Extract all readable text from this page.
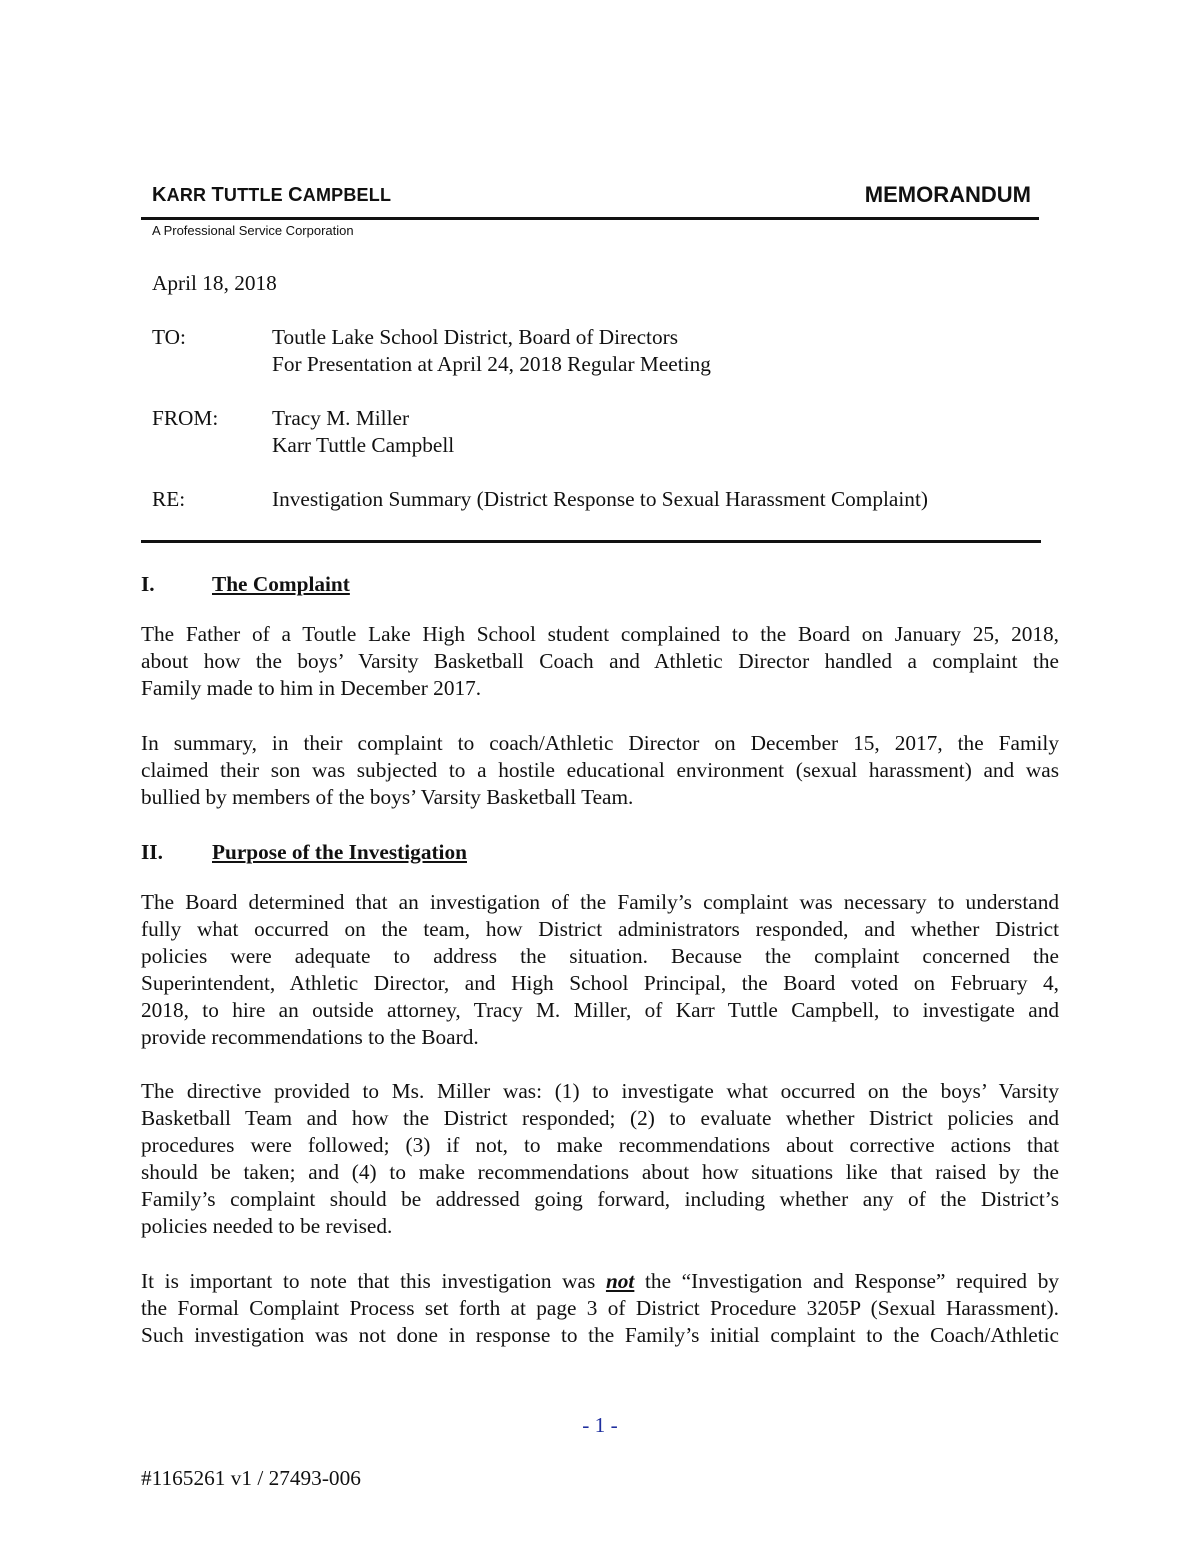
KARR TUTTLE CAMPBELL	MEMORANDUM
A Professional Service Corporation
April 18, 2018
TO:	Toutle Lake School District, Board of Directors
For Presentation at April 24, 2018 Regular Meeting
FROM:	Tracy M. Miller
Karr Tuttle Campbell
RE:	Investigation Summary (District Response to Sexual Harassment Complaint)
I.	The Complaint
The Father of a Toutle Lake High School student complained to the Board on January 25, 2018,
about how the boys’ Varsity Basketball Coach and Athletic Director handled a complaint the
Family made to him in December 2017.
In summary, in their complaint to coach/Athletic Director on December 15, 2017, the Family
claimed their son was subjected to a hostile educational environment (sexual harassment) and was
bullied by members of the boys’ Varsity Basketball Team.
II. Purpose of the Investigation
The Board determined that an investigation of the Family’s complaint was necessary to understand
fully what occurred on the team, how District administrators responded, and whether District
policies were adequate to address the situation. Because the complaint concerned the
Superintendent, Athletic Director, and High School Principal, the Board voted on February 4,
2018, to hire an outside attorney, Tracy M. Miller, of Karr Tuttle Campbell, to investigate and
provide recommendations to the Board.
The directive provided to Ms. Miller was: (1) to investigate what occurred on the boys’ Varsity
Basketball Team and how the District responded; (2) to evaluate whether District policies and
procedures were followed; (3) if not, to make recommendations about corrective actions that
should be taken; and (4) to make recommendations about how situations like that raised by the
Family’s complaint should be addressed going forward, including whether any of the District’s
policies needed to be revised.
It is important to note that this investigation was not the “Investigation and Response” required by
the Formal Complaint Process set forth at page 3 of District Procedure 3205P (Sexual Harassment).
Such investigation was not done in response to the Family’s initial complaint to the Coach/Athletic
- 1 -
#1165261 v1 / 27493-006
